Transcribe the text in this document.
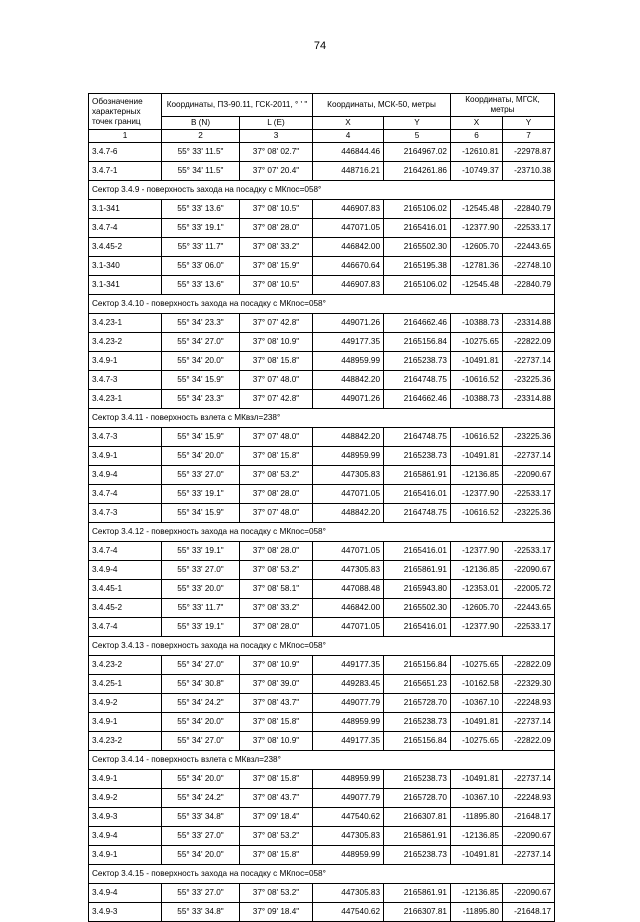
74
Обозначение характерных точек границ	Координаты, ПЗ-90.11, ГСК-2011, ° ' "		Координаты, МСК-50, метры		Координаты, МГСК, метры	
	B (N)	L (E)	X	Y	X	Y
1	2	3	4	5	6	7
3.4.7-6	55° 33' 11.5"	37° 08' 02.7"	446844.46	2164967.02	-12610.81	-22978.87
3.4.7-1	55° 34' 11.5"	37° 07' 20.4"	448716.21	2164261.86	-10749.37	-23710.38
Сектор 3.4.9 - поверхность захода на посадку с МКпос=058°						
3.1-341	55° 33' 13.6"	37° 08' 10.5"	446907.83	2165106.02	-12545.48	-22840.79
3.4.7-4	55° 33' 19.1"	37° 08' 28.0"	447071.05	2165416.01	-12377.90	-22533.17
3.4.45-2	55° 33' 11.7"	37° 08' 33.2"	446842.00	2165502.30	-12605.70	-22443.65
3.1-340	55° 33' 06.0"	37° 08' 15.9"	446670.64	2165195.38	-12781.36	-22748.10
3.1-341	55° 33' 13.6"	37° 08' 10.5"	446907.83	2165106.02	-12545.48	-22840.79
Сектор 3.4.10 - поверхность захода на посадку с МКпос=058°						
3.4.23-1	55° 34' 23.3"	37° 07' 42.8"	449071.26	2164662.46	-10388.73	-23314.88
3.4.23-2	55° 34' 27.0"	37° 08' 10.9"	449177.35	2165156.84	-10275.65	-22822.09
3.4.9-1	55° 34' 20.0"	37° 08' 15.8"	448959.99	2165238.73	-10491.81	-22737.14
3.4.7-3	55° 34' 15.9"	37° 07' 48.0"	448842.20	2164748.75	-10616.52	-23225.36
3.4.23-1	55° 34' 23.3"	37° 07' 42.8"	449071.26	2164662.46	-10388.73	-23314.88
Сектор 3.4.11 - поверхность взлета с МКвзл=238°						
3.4.7-3	55° 34' 15.9"	37° 07' 48.0"	448842.20	2164748.75	-10616.52	-23225.36
3.4.9-1	55° 34' 20.0"	37° 08' 15.8"	448959.99	2165238.73	-10491.81	-22737.14
3.4.9-4	55° 33' 27.0"	37° 08' 53.2"	447305.83	2165861.91	-12136.85	-22090.67
3.4.7-4	55° 33' 19.1"	37° 08' 28.0"	447071.05	2165416.01	-12377.90	-22533.17
3.4.7-3	55° 34' 15.9"	37° 07' 48.0"	448842.20	2164748.75	-10616.52	-23225.36
Сектор 3.4.12 - поверхность захода на посадку с МКпос=058°						
3.4.7-4	55° 33' 19.1"	37° 08' 28.0"	447071.05	2165416.01	-12377.90	-22533.17
3.4.9-4	55° 33' 27.0"	37° 08' 53.2"	447305.83	2165861.91	-12136.85	-22090.67
3.4.45-1	55° 33' 20.0"	37° 08' 58.1"	447088.48	2165943.80	-12353.01	-22005.72
3.4.45-2	55° 33' 11.7"	37° 08' 33.2"	446842.00	2165502.30	-12605.70	-22443.65
3.4.7-4	55° 33' 19.1"	37° 08' 28.0"	447071.05	2165416.01	-12377.90	-22533.17
Сектор 3.4.13 - поверхность захода на посадку с МКпос=058°						
3.4.23-2	55° 34' 27.0"	37° 08' 10.9"	449177.35	2165156.84	-10275.65	-22822.09
3.4.25-1	55° 34' 30.8"	37° 08' 39.0"	449283.45	2165651.23	-10162.58	-22329.30
3.4.9-2	55° 34' 24.2"	37° 08' 43.7"	449077.79	2165728.70	-10367.10	-22248.93
3.4.9-1	55° 34' 20.0"	37° 08' 15.8"	448959.99	2165238.73	-10491.81	-22737.14
3.4.23-2	55° 34' 27.0"	37° 08' 10.9"	449177.35	2165156.84	-10275.65	-22822.09
Сектор 3.4.14 - поверхность взлета с МКвзл=238°						
3.4.9-1	55° 34' 20.0"	37° 08' 15.8"	448959.99	2165238.73	-10491.81	-22737.14
3.4.9-2	55° 34' 24.2"	37° 08' 43.7"	449077.79	2165728.70	-10367.10	-22248.93
3.4.9-3	55° 33' 34.8"	37° 09' 18.4"	447540.62	2166307.81	-11895.80	-21648.17
3.4.9-4	55° 33' 27.0"	37° 08' 53.2"	447305.83	2165861.91	-12136.85	-22090.67
3.4.9-1	55° 34' 20.0"	37° 08' 15.8"	448959.99	2165238.73	-10491.81	-22737.14
Сектор 3.4.15 - поверхность захода на посадку с МКпос=058°						
3.4.9-4	55° 33' 27.0"	37° 08' 53.2"	447305.83	2165861.91	-12136.85	-22090.67
3.4.9-3	55° 33' 34.8"	37° 09' 18.4"	447540.62	2166307.81	-11895.80	-21648.17
